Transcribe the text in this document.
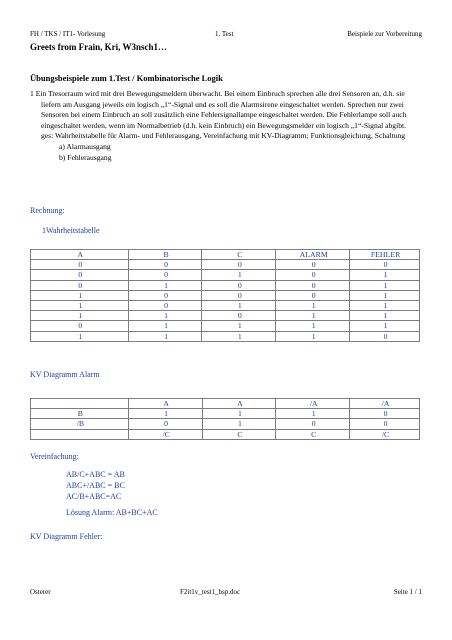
FH / TKS / IT1- Vorlesung	1. Test	Beispiele zur Vorbereitung
Greets from Frain, Kri, W3nsch1…
Übungsbeispiele zum 1.Test / Kombinatorische Logik

1 Ein Tresorraum wird mit drei Bewegungsmeldern überwacht. Bei einem Einbruch sprechen alle drei Sensoren an, d.h. sie liefern am Ausgang jeweils ein logisch „1“-Signal und es soll die Alarmsirene eingeschaltet werden. Sprechen nur zwei Sensoren bei einem Einbruch an soll zusätzlich eine Fehlersignallampe eingeschaltet werden. Die Fehlerlampe soll auch eingeschaltet werden, wenn im Normalbetrieb (d.h. kein Einbruch) ein Bewegungsmelder ein logisch „1“-Signal abgibt.

ges: Wahrheitstabelle für Alarm- und Fehlerausgang, Vereinfachung mit KV-Diagramm; Funktionsgleichung, Schaltung

a) Alarmausgang

b) Fehlerausgang

Rechnung:
1Wahrheitstabelle
A	B	C	ALARM	FEHLER
0	0	0	0	0
0	0	1	0	1
0	1	0	0	1
1	0	0	0	1
1	0	1	1	1
1	1	0	1	1
0	1	1	1	1
1	1	1	1	0
KV Diagramm Alarm
	A	A	/A	/A
B	1	1	1	0
/B	0	1	0	0
	/C	C	C	/C
Vereinfachung:
AB/C+ABC = AB
ABC+/ABC = BC
AC/B+ABC=AC
Lösung Alarm: AB+BC+AC
KV Diagramm Fehler:
Osterer	F2it1v_test1_bsp.doc	Seite 1 / 1
